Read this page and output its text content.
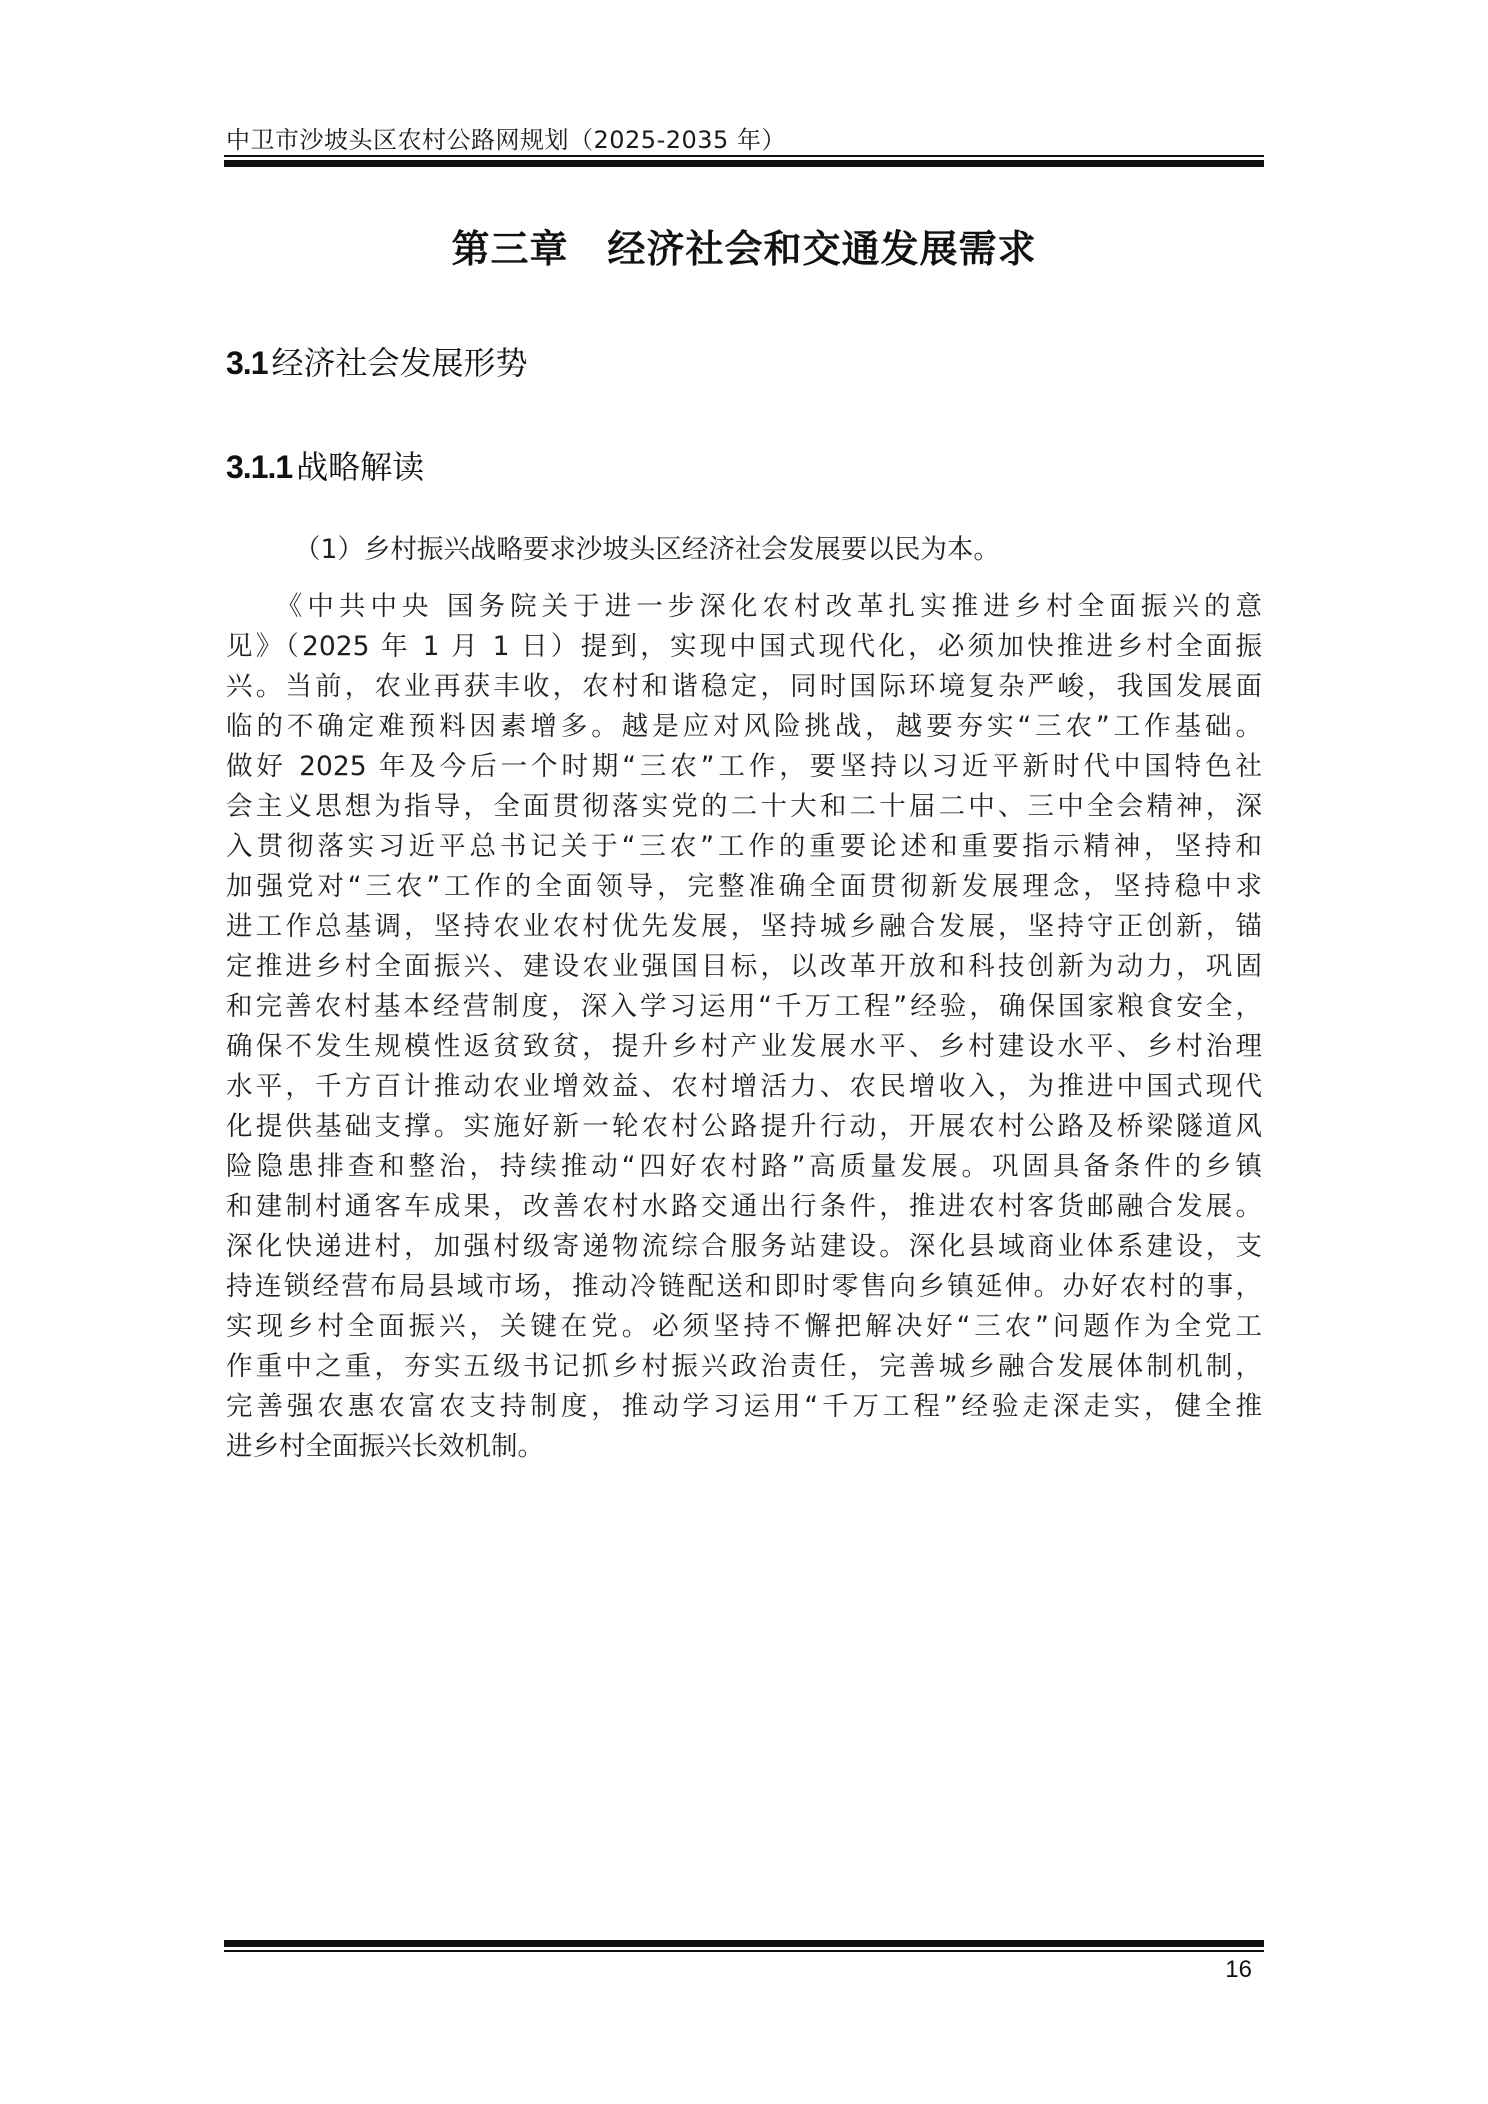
中卫市沙坡头区农村公路网规划（2025-2035 年）
第三章　经济社会和交通发展需求
3.1 经济社会发展形势
3.1.1 战略解读
（1）乡村振兴战略要求沙坡头区经济社会发展要以民为本。
　　《中共中央 国务院关于进一步深化农村改革扎实推进乡村全面振兴的意
见》（2025 年 1 月 1 日）提到，实现中国式现代化，必须加快推进乡村全面振
兴。当前，农业再获丰收，农村和谐稳定，同时国际环境复杂严峻，我国发展面
临的不确定难预料因素增多。越是应对风险挑战，越要夯实“三农”工作基础。
做好 2025 年及今后一个时期“三农”工作，要坚持以习近平新时代中国特色社
会主义思想为指导，全面贯彻落实党的二十大和二十届二中、三中全会精神，深
入贯彻落实习近平总书记关于“三农”工作的重要论述和重要指示精神，坚持和
加强党对“三农”工作的全面领导，完整准确全面贯彻新发展理念，坚持稳中求
进工作总基调，坚持农业农村优先发展，坚持城乡融合发展，坚持守正创新，锚
定推进乡村全面振兴、建设农业强国目标，以改革开放和科技创新为动力，巩固
和完善农村基本经营制度，深入学习运用“千万工程”经验，确保国家粮食安全，
确保不发生规模性返贫致贫，提升乡村产业发展水平、乡村建设水平、乡村治理
水平，千方百计推动农业增效益、农村增活力、农民增收入，为推进中国式现代
化提供基础支撑。实施好新一轮农村公路提升行动，开展农村公路及桥梁隧道风
险隐患排查和整治，持续推动“四好农村路”高质量发展。巩固具备条件的乡镇
和建制村通客车成果，改善农村水路交通出行条件，推进农村客货邮融合发展。
深化快递进村，加强村级寄递物流综合服务站建设。深化县域商业体系建设，支
持连锁经营布局县域市场，推动冷链配送和即时零售向乡镇延伸。办好农村的事，
实现乡村全面振兴，关键在党。必须坚持不懈把解决好“三农”问题作为全党工
作重中之重，夯实五级书记抓乡村振兴政治责任，完善城乡融合发展体制机制，
完善强农惠农富农支持制度，推动学习运用“千万工程”经验走深走实，健全推
进乡村全面振兴长效机制。
16
